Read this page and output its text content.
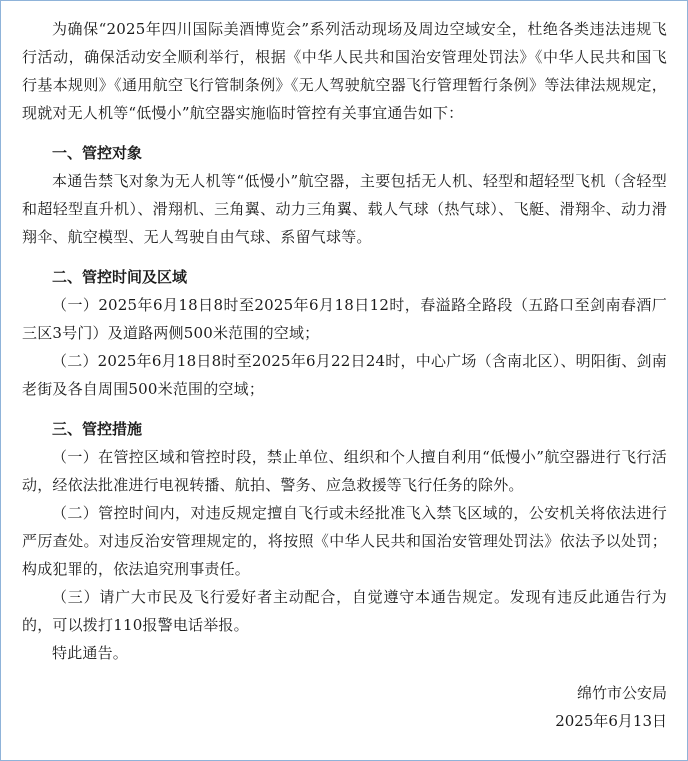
为确保“2025年四川国际美酒博览会”系列活动现场及周边空域安全，杜绝各类违法违规飞行活动，确保活动安全顺利举行，根据《中华人民共和国治安管理处罚法》《中华人民共和国飞行基本规则》《通用航空飞行管制条例》《无人驾驶航空器飞行管理暂行条例》等法律法规规定，现就对无人机等“低慢小”航空器实施临时管控有关事宜通告如下：

一、管控对象

本通告禁飞对象为无人机等“低慢小”航空器，主要包括无人机、轻型和超轻型飞机（含轻型和超轻型直升机）、滑翔机、三角翼、动力三角翼、载人气球（热气球）、飞艇、滑翔伞、动力滑翔伞、航空模型、无人驾驶自由气球、系留气球等。

二、管控时间及区域

（一）2025年6月18日8时至2025年6月18日12时，春溢路全路段（五路口至剑南春酒厂三区3号门）及道路两侧500米范围的空域；

（二）2025年6月18日8时至2025年6月22日24时，中心广场（含南北区）、明阳街、剑南老街及各自周围500米范围的空域；

三、管控措施

（一）在管控区域和管控时段，禁止单位、组织和个人擅自利用“低慢小”航空器进行飞行活动，经依法批准进行电视转播、航拍、警务、应急救援等飞行任务的除外。

（二）管控时间内，对违反规定擅自飞行或未经批准飞入禁飞区域的，公安机关将依法进行严厉查处。对违反治安管理规定的，将按照《中华人民共和国治安管理处罚法》依法予以处罚；构成犯罪的，依法追究刑事责任。

（三）请广大市民及飞行爱好者主动配合，自觉遵守本通告规定。发现有违反此通告行为的，可以拨打110报警电话举报。

特此通告。

绵竹市公安局

2025年6月13日
